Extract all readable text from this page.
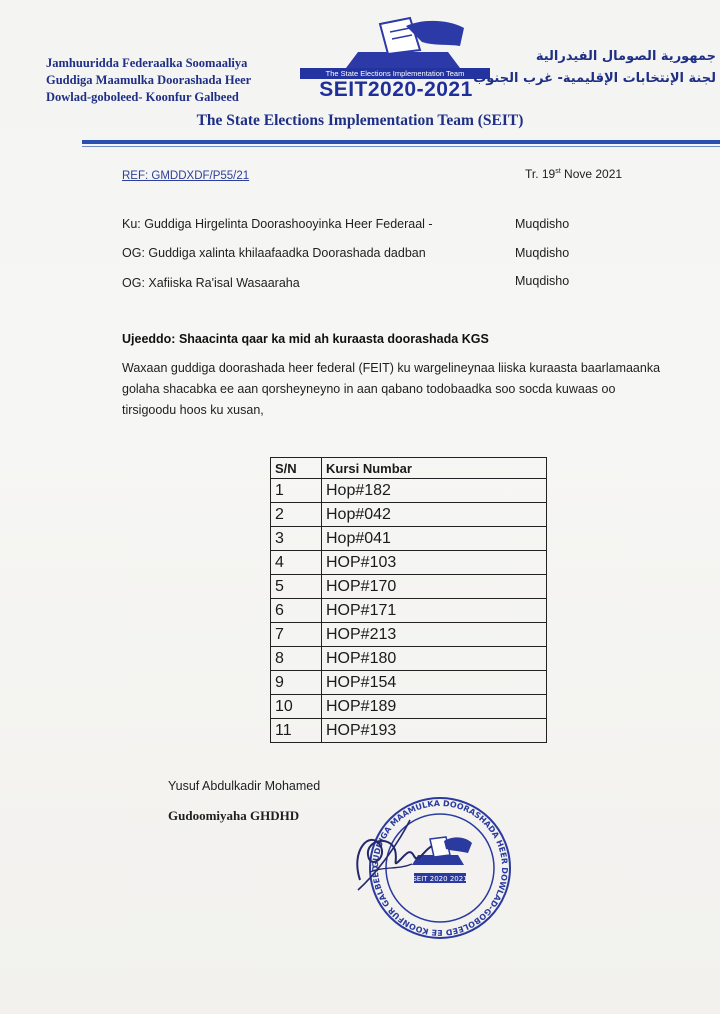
Jamhuuridda Federaalka Soomaaliya
Guddiga Maamulka Doorashada Heer
Dowlad-goboleed- Koonfur Galbeed
The State Elections Implementation Team
SEIT2020-2021
جمهورية الصومال الفيدرالية
لجنة الإنتخابات الإقليمية- غرب الجنوب
The State Elections Implementation Team (SEIT)
REF: GMDDXDF/P55/21	Tr. 19st Nove 2021
Ku: Guddiga Hirgelinta Doorashooyinka Heer Federaal -	Muqdisho
OG: Guddiga xalinta khilaafaadka Doorashada dadban	Muqdisho
OG: Xafiiska Ra'isal Wasaaraha	Muqdisho
Ujeeddo: Shaacinta qaar ka mid ah kuraasta doorashada KGS
Waxaan guddiga doorashada heer federal (FEIT) ku wargelineynaa liiska kuraasta baarlamaanka
golaha shacabka ee aan qorsheyneyno in aan qabano todobaadka soo socda kuwaas oo
tirsigoodu hoos ku xusan,
S/N	Kursi Numbar
1	Hop#182
2	Hop#042
3	Hop#041
4	HOP#103
5	HOP#170
6	HOP#171
7	HOP#213
8	HOP#180
9	HOP#154
10	HOP#189
11	HOP#193
Yusuf Abdulkadir Mohamed
Gudoomiyaha GHDHD
GUDDIGA MAAMULKA DOORASHADA HEER DOWLAD-GOBOLEED EE KOONFUR GALBEED
SEIT 2020 2021
